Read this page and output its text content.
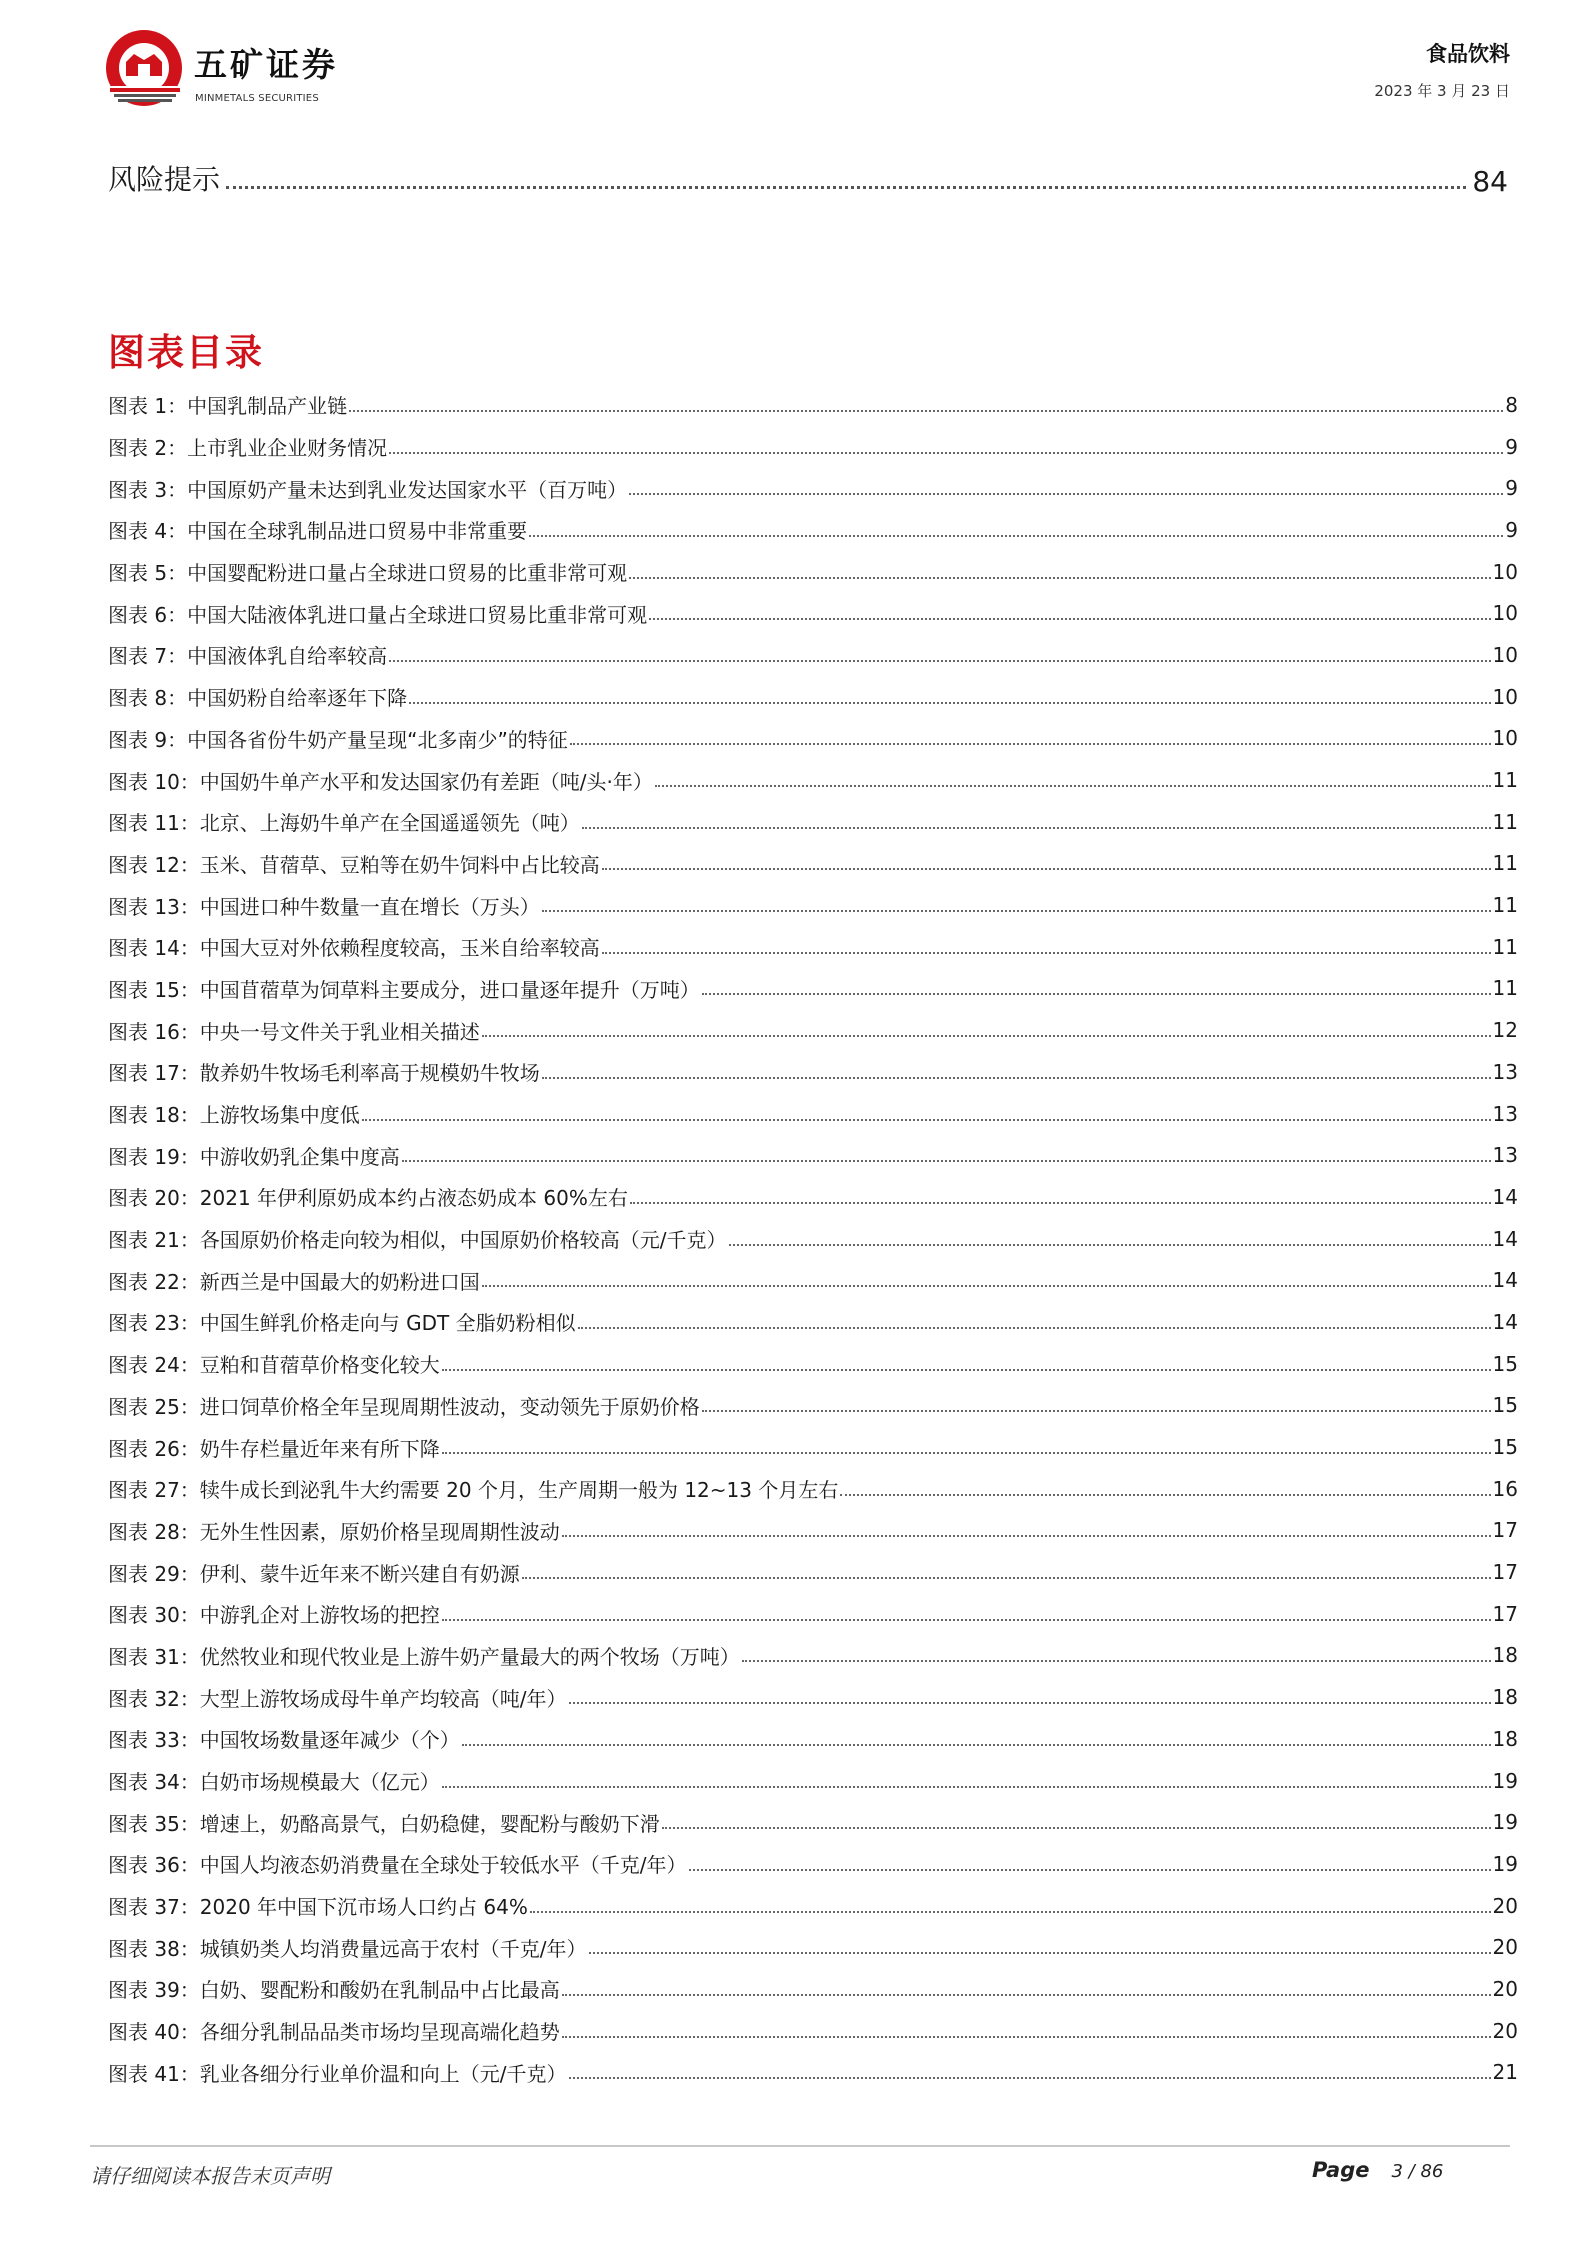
五矿证券
MINMETALS SECURITIES
食品饮料
2023 年 3 月 23 日
风险提示	84
图表目录
图表 1：中国乳制品产业链	8
图表 2：上市乳业企业财务情况	9
图表 3：中国原奶产量未达到乳业发达国家水平（百万吨）	9
图表 4：中国在全球乳制品进口贸易中非常重要	9
图表 5：中国婴配粉进口量占全球进口贸易的比重非常可观	10
图表 6：中国大陆液体乳进口量占全球进口贸易比重非常可观	10
图表 7：中国液体乳自给率较高	10
图表 8：中国奶粉自给率逐年下降	10
图表 9：中国各省份牛奶产量呈现“北多南少”的特征	10
图表 10：中国奶牛单产水平和发达国家仍有差距（吨/头·年）	11
图表 11：北京、上海奶牛单产在全国遥遥领先（吨）	11
图表 12：玉米、苜蓿草、豆粕等在奶牛饲料中占比较高	11
图表 13：中国进口种牛数量一直在增长（万头）	11
图表 14：中国大豆对外依赖程度较高，玉米自给率较高	11
图表 15：中国苜蓿草为饲草料主要成分，进口量逐年提升（万吨）	11
图表 16：中央一号文件关于乳业相关描述	12
图表 17：散养奶牛牧场毛利率高于规模奶牛牧场	13
图表 18：上游牧场集中度低	13
图表 19：中游收奶乳企集中度高	13
图表 20：2021 年伊利原奶成本约占液态奶成本 60%左右	14
图表 21：各国原奶价格走向较为相似，中国原奶价格较高（元/千克）	14
图表 22：新西兰是中国最大的奶粉进口国	14
图表 23：中国生鲜乳价格走向与 GDT 全脂奶粉相似	14
图表 24：豆粕和苜蓿草价格变化较大	15
图表 25：进口饲草价格全年呈现周期性波动，变动领先于原奶价格	15
图表 26：奶牛存栏量近年来有所下降	15
图表 27：犊牛成长到泌乳牛大约需要 20 个月，生产周期一般为 12~13 个月左右	16
图表 28：无外生性因素，原奶价格呈现周期性波动	17
图表 29：伊利、蒙牛近年来不断兴建自有奶源	17
图表 30：中游乳企对上游牧场的把控	17
图表 31：优然牧业和现代牧业是上游牛奶产量最大的两个牧场（万吨）	18
图表 32：大型上游牧场成母牛单产均较高（吨/年）	18
图表 33：中国牧场数量逐年减少（个）	18
图表 34：白奶市场规模最大（亿元）	19
图表 35：增速上，奶酪高景气，白奶稳健，婴配粉与酸奶下滑	19
图表 36：中国人均液态奶消费量在全球处于较低水平（千克/年）	19
图表 37：2020 年中国下沉市场人口约占 64%	20
图表 38：城镇奶类人均消费量远高于农村（千克/年）	20
图表 39：白奶、婴配粉和酸奶在乳制品中占比最高	20
图表 40：各细分乳制品品类市场均呈现高端化趋势	20
图表 41：乳业各细分行业单价温和向上（元/千克）	21
请仔细阅读本报告末页声明	Page 3 / 86
